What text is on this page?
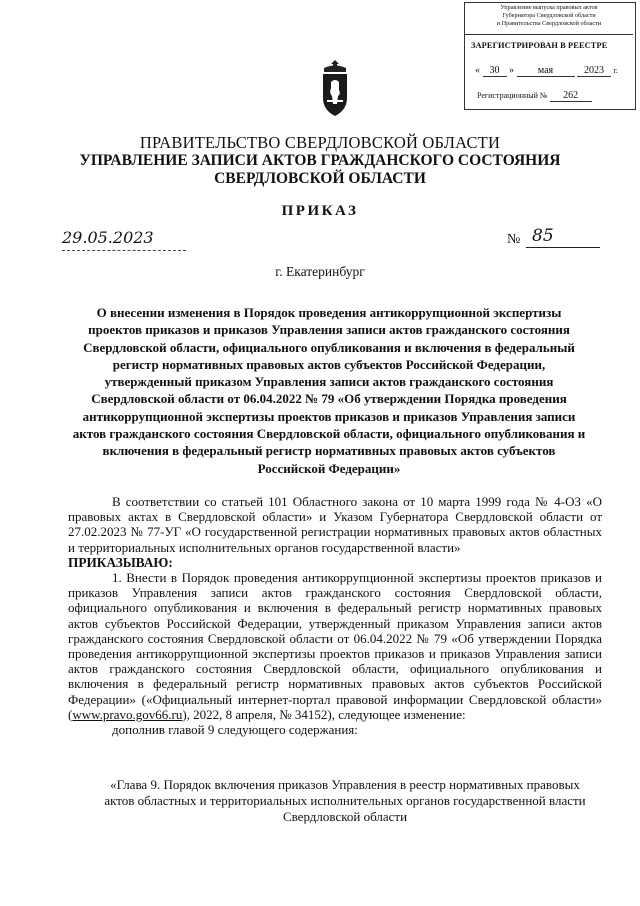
Управление выпуска правовых актов
Губернатора Свердловской области
и Правительства Свердловской области
ЗАРЕГИСТРИРОВАН В РЕЕСТРЕ
« 30 » мая	2023 г.
Регистрационный № 262
ПРАВИТЕЛЬСТВО СВЕРДЛОВСКОЙ ОБЛАСТИ
УПРАВЛЕНИЕ ЗАПИСИ АКТОВ ГРАЖДАНСКОГО СОСТОЯНИЯ
СВЕРДЛОВСКОЙ ОБЛАСТИ
ПРИКАЗ
29.05.2023	№ 85
г. Екатеринбург
О внесении изменения в Порядок проведения антикоррупционной экспертизы проектов приказов и приказов Управления записи актов гражданского состояния Свердловской области, официального опубликования и включения в федеральный регистр нормативных правовых актов субъектов Российской Федерации, утвержденный приказом Управления записи актов гражданского состояния Свердловской области от 06.04.2022 № 79 «Об утверждении Порядка проведения антикоррупционной экспертизы проектов приказов и приказов Управления записи актов гражданского состояния Свердловской области, официального опубликования и включения в федеральный регистр нормативных правовых актов субъектов Российской Федерации»

В соответствии со статьей 101 Областного закона от 10 марта 1999 года № 4-ОЗ «О правовых актах в Свердловской области» и Указом Губернатора Свердловской области от 27.02.2023 № 77-УГ «О государственной регистрации нормативных правовых актов областных и территориальных исполнительных органов государственной власти»

ПРИКАЗЫВАЮ:

1. Внести в Порядок проведения антикоррупционной экспертизы проектов приказов и приказов Управления записи актов гражданского состояния Свердловской области, официального опубликования и включения в федеральный регистр нормативных правовых актов субъектов Российской Федерации, утвержденный приказом Управления записи актов гражданского состояния Свердловской области от 06.04.2022 № 79 «Об утверждении Порядка проведения антикоррупционной экспертизы проектов приказов и приказов Управления записи актов гражданского состояния Свердловской области, официального опубликования и включения в федеральный регистр нормативных правовых актов субъектов Российской Федерации» («Официальный интернет-портал правовой информации Свердловской области» (www.pravo.gov66.ru), 2022, 8 апреля, № 34152), следующее изменение:

дополнив главой 9 следующего содержания:

«Глава 9. Порядок включения приказов Управления в реестр нормативных правовых
актов областных и территориальных исполнительных органов государственной власти
Свердловской области
